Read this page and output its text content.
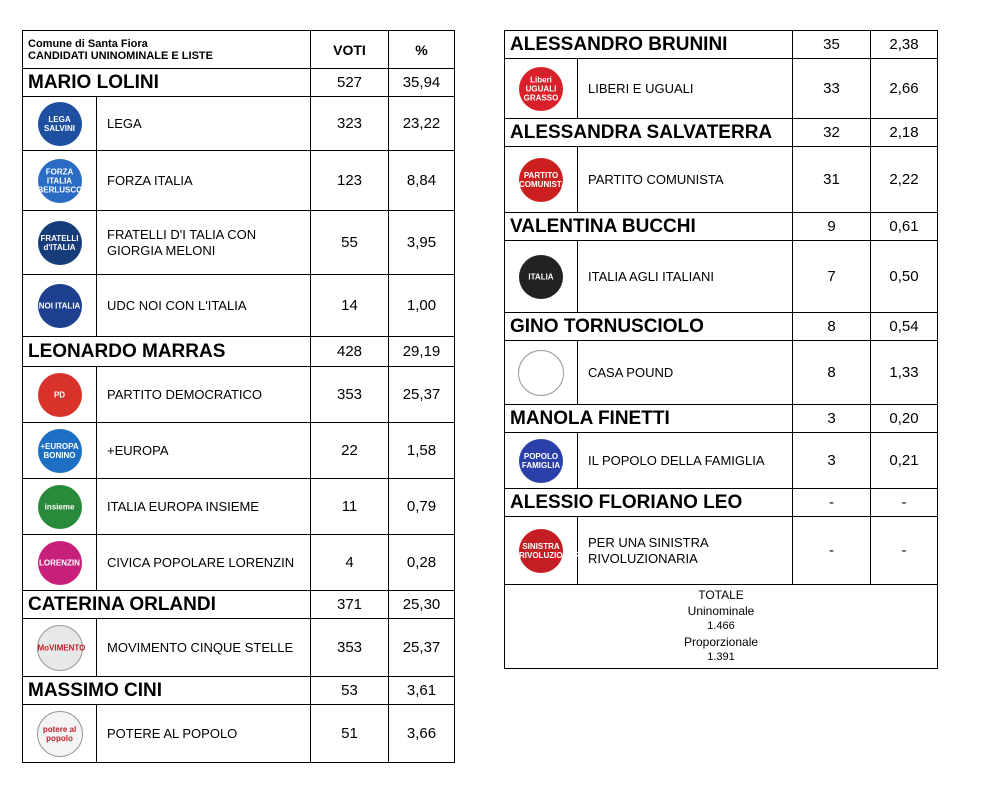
Comune di Santa Fiora
CANDIDATI UNINOMINALE E LISTE		VOTI	%
MARIO LOLINI		527	35,94

LEGA SALVINI	LEGA	323	23,22

FORZA ITALIA BERLUSCONI	FORZA ITALIA	123	8,84

FRATELLI d'ITALIA	FRATELLI D'I TALIA CON GIORGIA MELONI	55	3,95

NOI ITALIA	UDC NOI CON L'ITALIA	14	1,00
LEONARDO MARRAS		428	29,19

PD	PARTITO DEMOCRATICO	353	25,37

+EUROPA BONINO	+EUROPA	22	1,58

insieme	ITALIA EUROPA INSIEME	11	0,79

LORENZIN	CIVICA POPOLARE LORENZIN	4	0,28
CATERINA ORLANDI		371	25,30

MoVIMENTO	MOVIMENTO CINQUE STELLE	353	25,37
MASSIMO CINI		53	3,61

potere al popolo	POTERE AL POPOLO	51	3,66
ALESSANDRO BRUNINI		35	2,38

Liberi UGUALI GRASSO	LIBERI E UGUALI	33	2,66
ALESSANDRA SALVATERRA		32	2,18

PARTITO COMUNISTA	PARTITO COMUNISTA	31	2,22
VALENTINA BUCCHI		9	0,61

ITALIA	ITALIA AGLI ITALIANI	7	0,50
GINO TORNUSCIOLO		8	0,54

	CASA POUND	8	1,33
MANOLA FINETTI		3	0,20

POPOLO FAMIGLIA	IL POPOLO DELLA FAMIGLIA	3	0,21
ALESSIO FLORIANO LEO		-	-

SINISTRA RIVOLUZIONARIA	PER UNA SINISTRA RIVOLUZIONARIA	-	-

TOTALE
Uninominale
1.466
Proporzionale
1.391			
